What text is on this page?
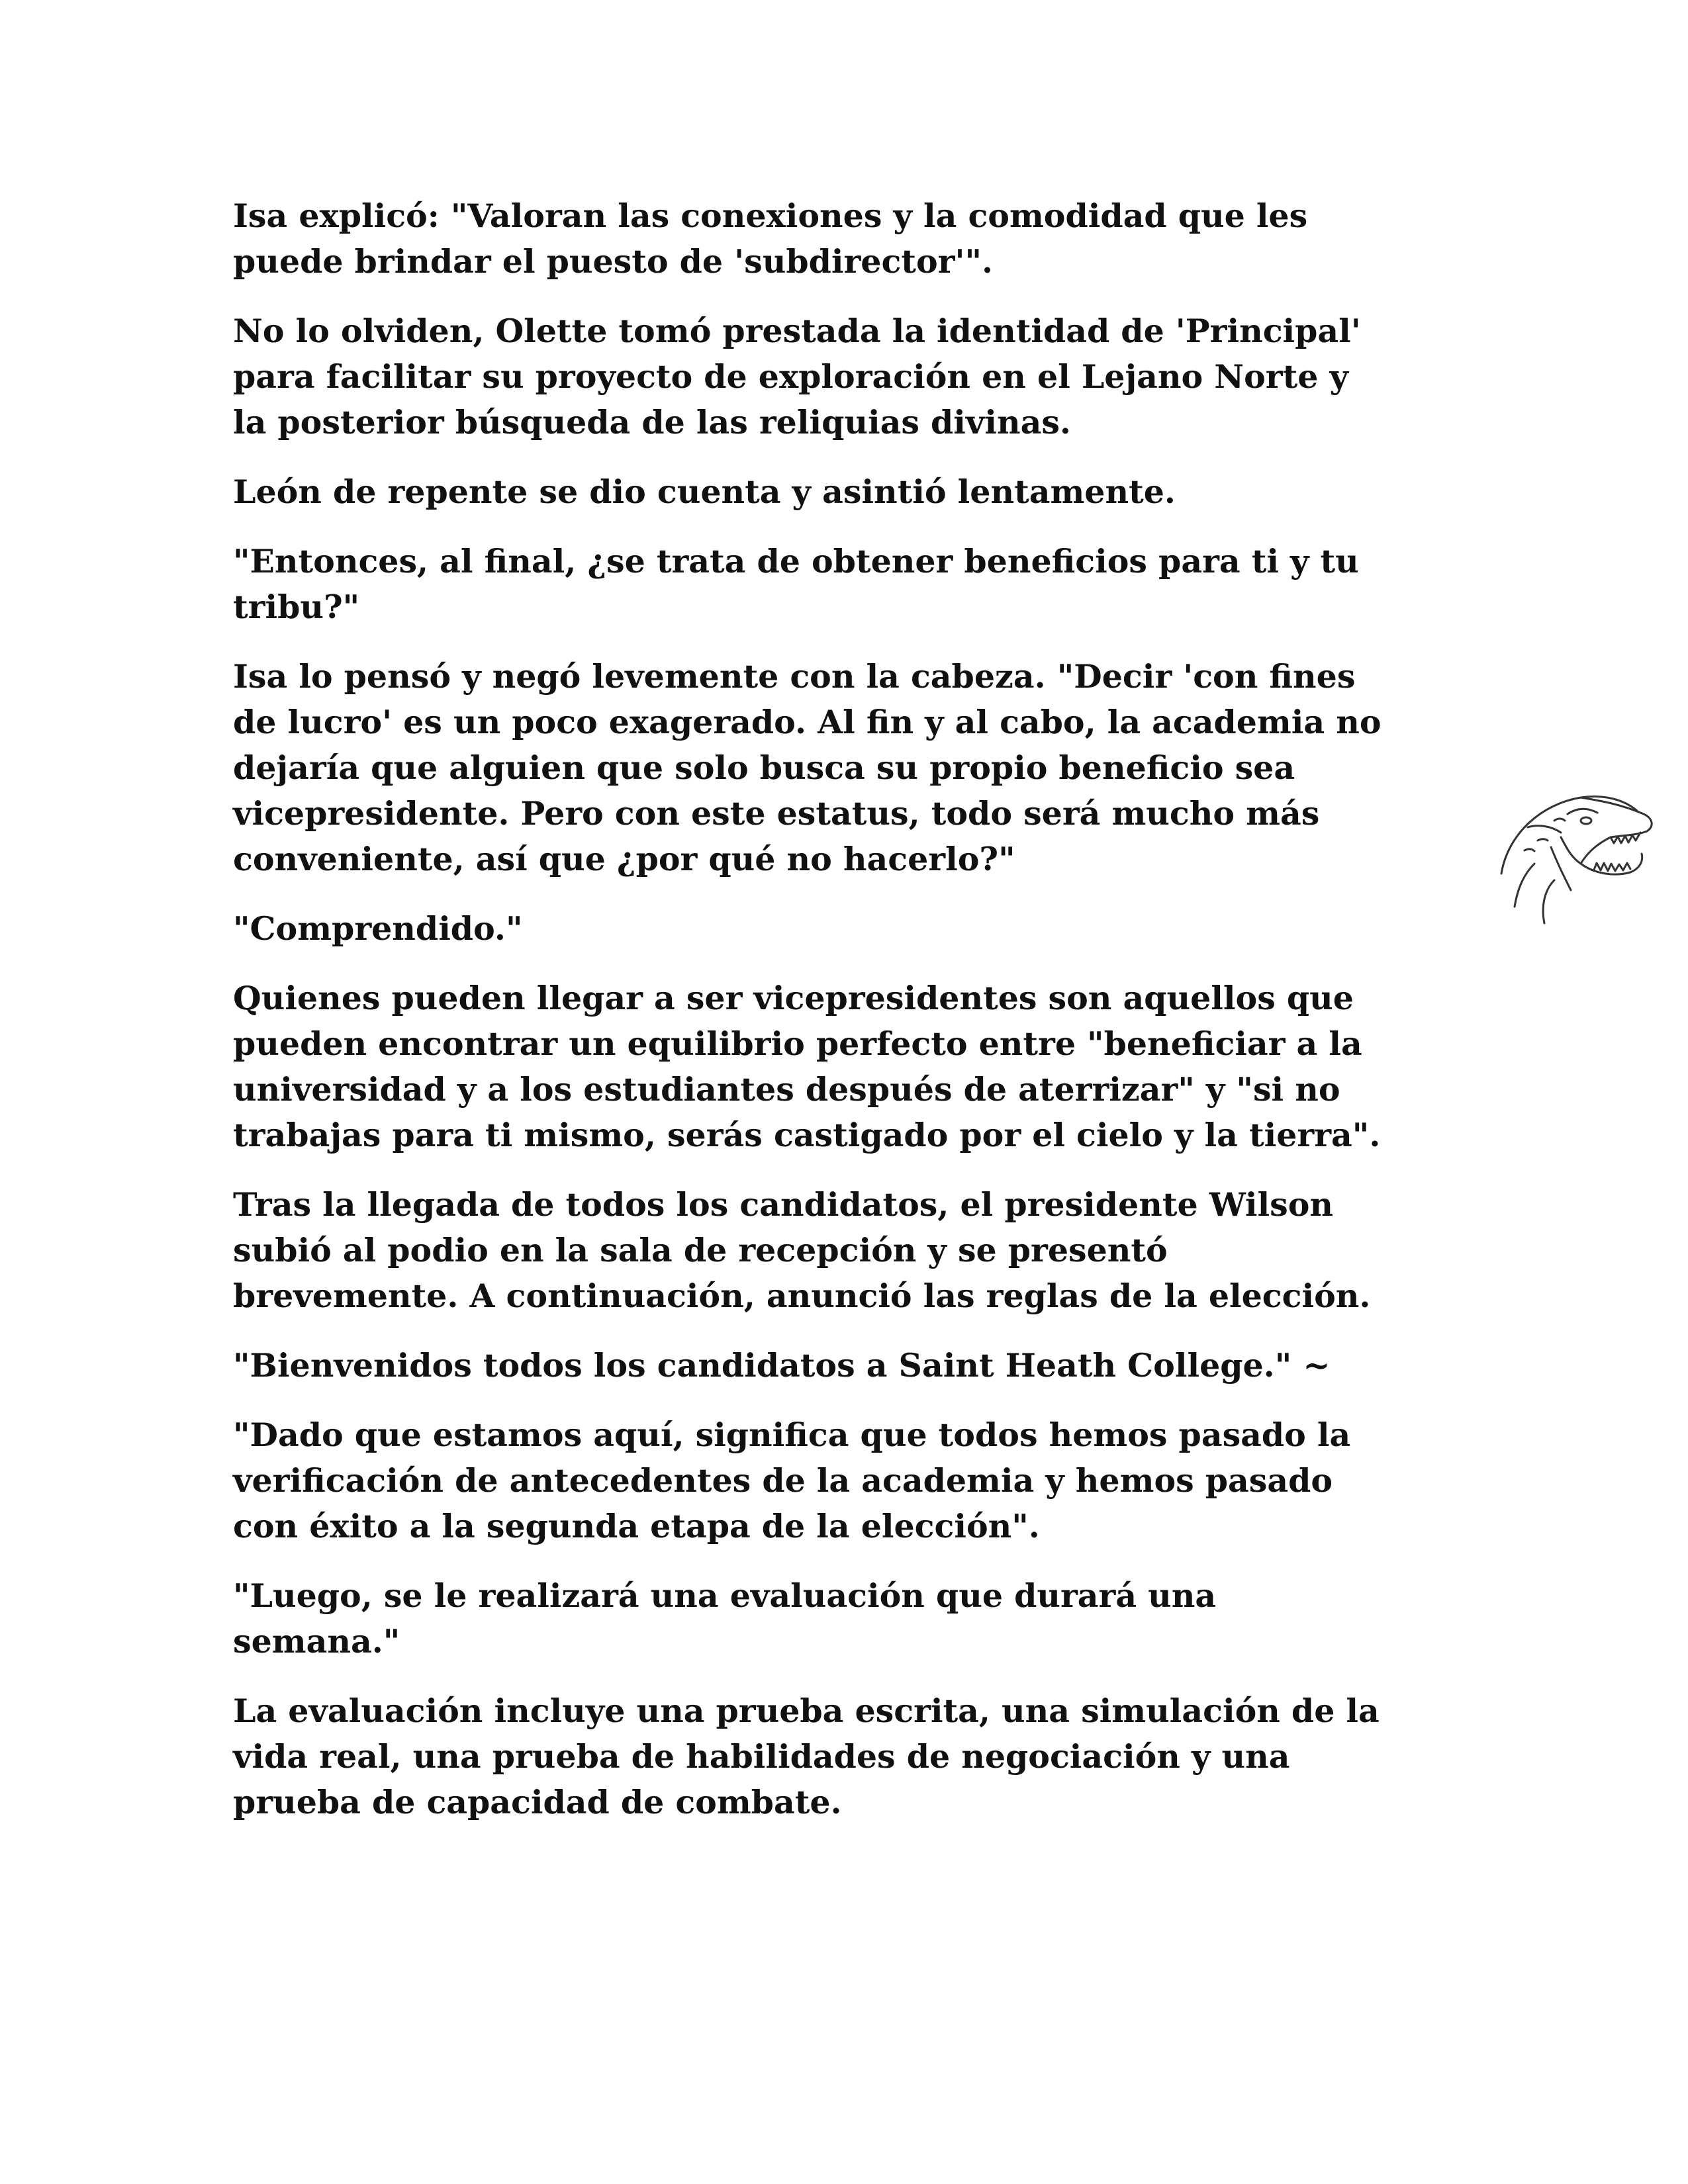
Isa explicó: "Valoran las conexiones y la comodidad que les
puede brindar el puesto de 'subdirector'".

No lo olviden, Olette tomó prestada la identidad de 'Principal'
para facilitar su proyecto de exploración en el Lejano Norte y
la posterior búsqueda de las reliquias divinas.

León de repente se dio cuenta y asintió lentamente.

"Entonces, al final, ¿se trata de obtener beneficios para ti y tu
tribu?"

Isa lo pensó y negó levemente con la cabeza. "Decir 'con fines
de lucro' es un poco exagerado. Al fin y al cabo, la academia no
dejaría que alguien que solo busca su propio beneficio sea
vicepresidente. Pero con este estatus, todo será mucho más
conveniente, así que ¿por qué no hacerlo?"

"Comprendido."

Quienes pueden llegar a ser vicepresidentes son aquellos que
pueden encontrar un equilibrio perfecto entre "beneficiar a la
universidad y a los estudiantes después de aterrizar" y "si no
trabajas para ti mismo, serás castigado por el cielo y la tierra".

Tras la llegada de todos los candidatos, el presidente Wilson
subió al podio en la sala de recepción y se presentó
brevemente. A continuación, anunció las reglas de la elección.

"Bienvenidos todos los candidatos a Saint Heath College." ~

"Dado que estamos aquí, significa que todos hemos pasado la
verificación de antecedentes de la academia y hemos pasado
con éxito a la segunda etapa de la elección".

"Luego, se le realizará una evaluación que durará una
semana."

La evaluación incluye una prueba escrita, una simulación de la
vida real, una prueba de habilidades de negociación y una
prueba de capacidad de combate.
